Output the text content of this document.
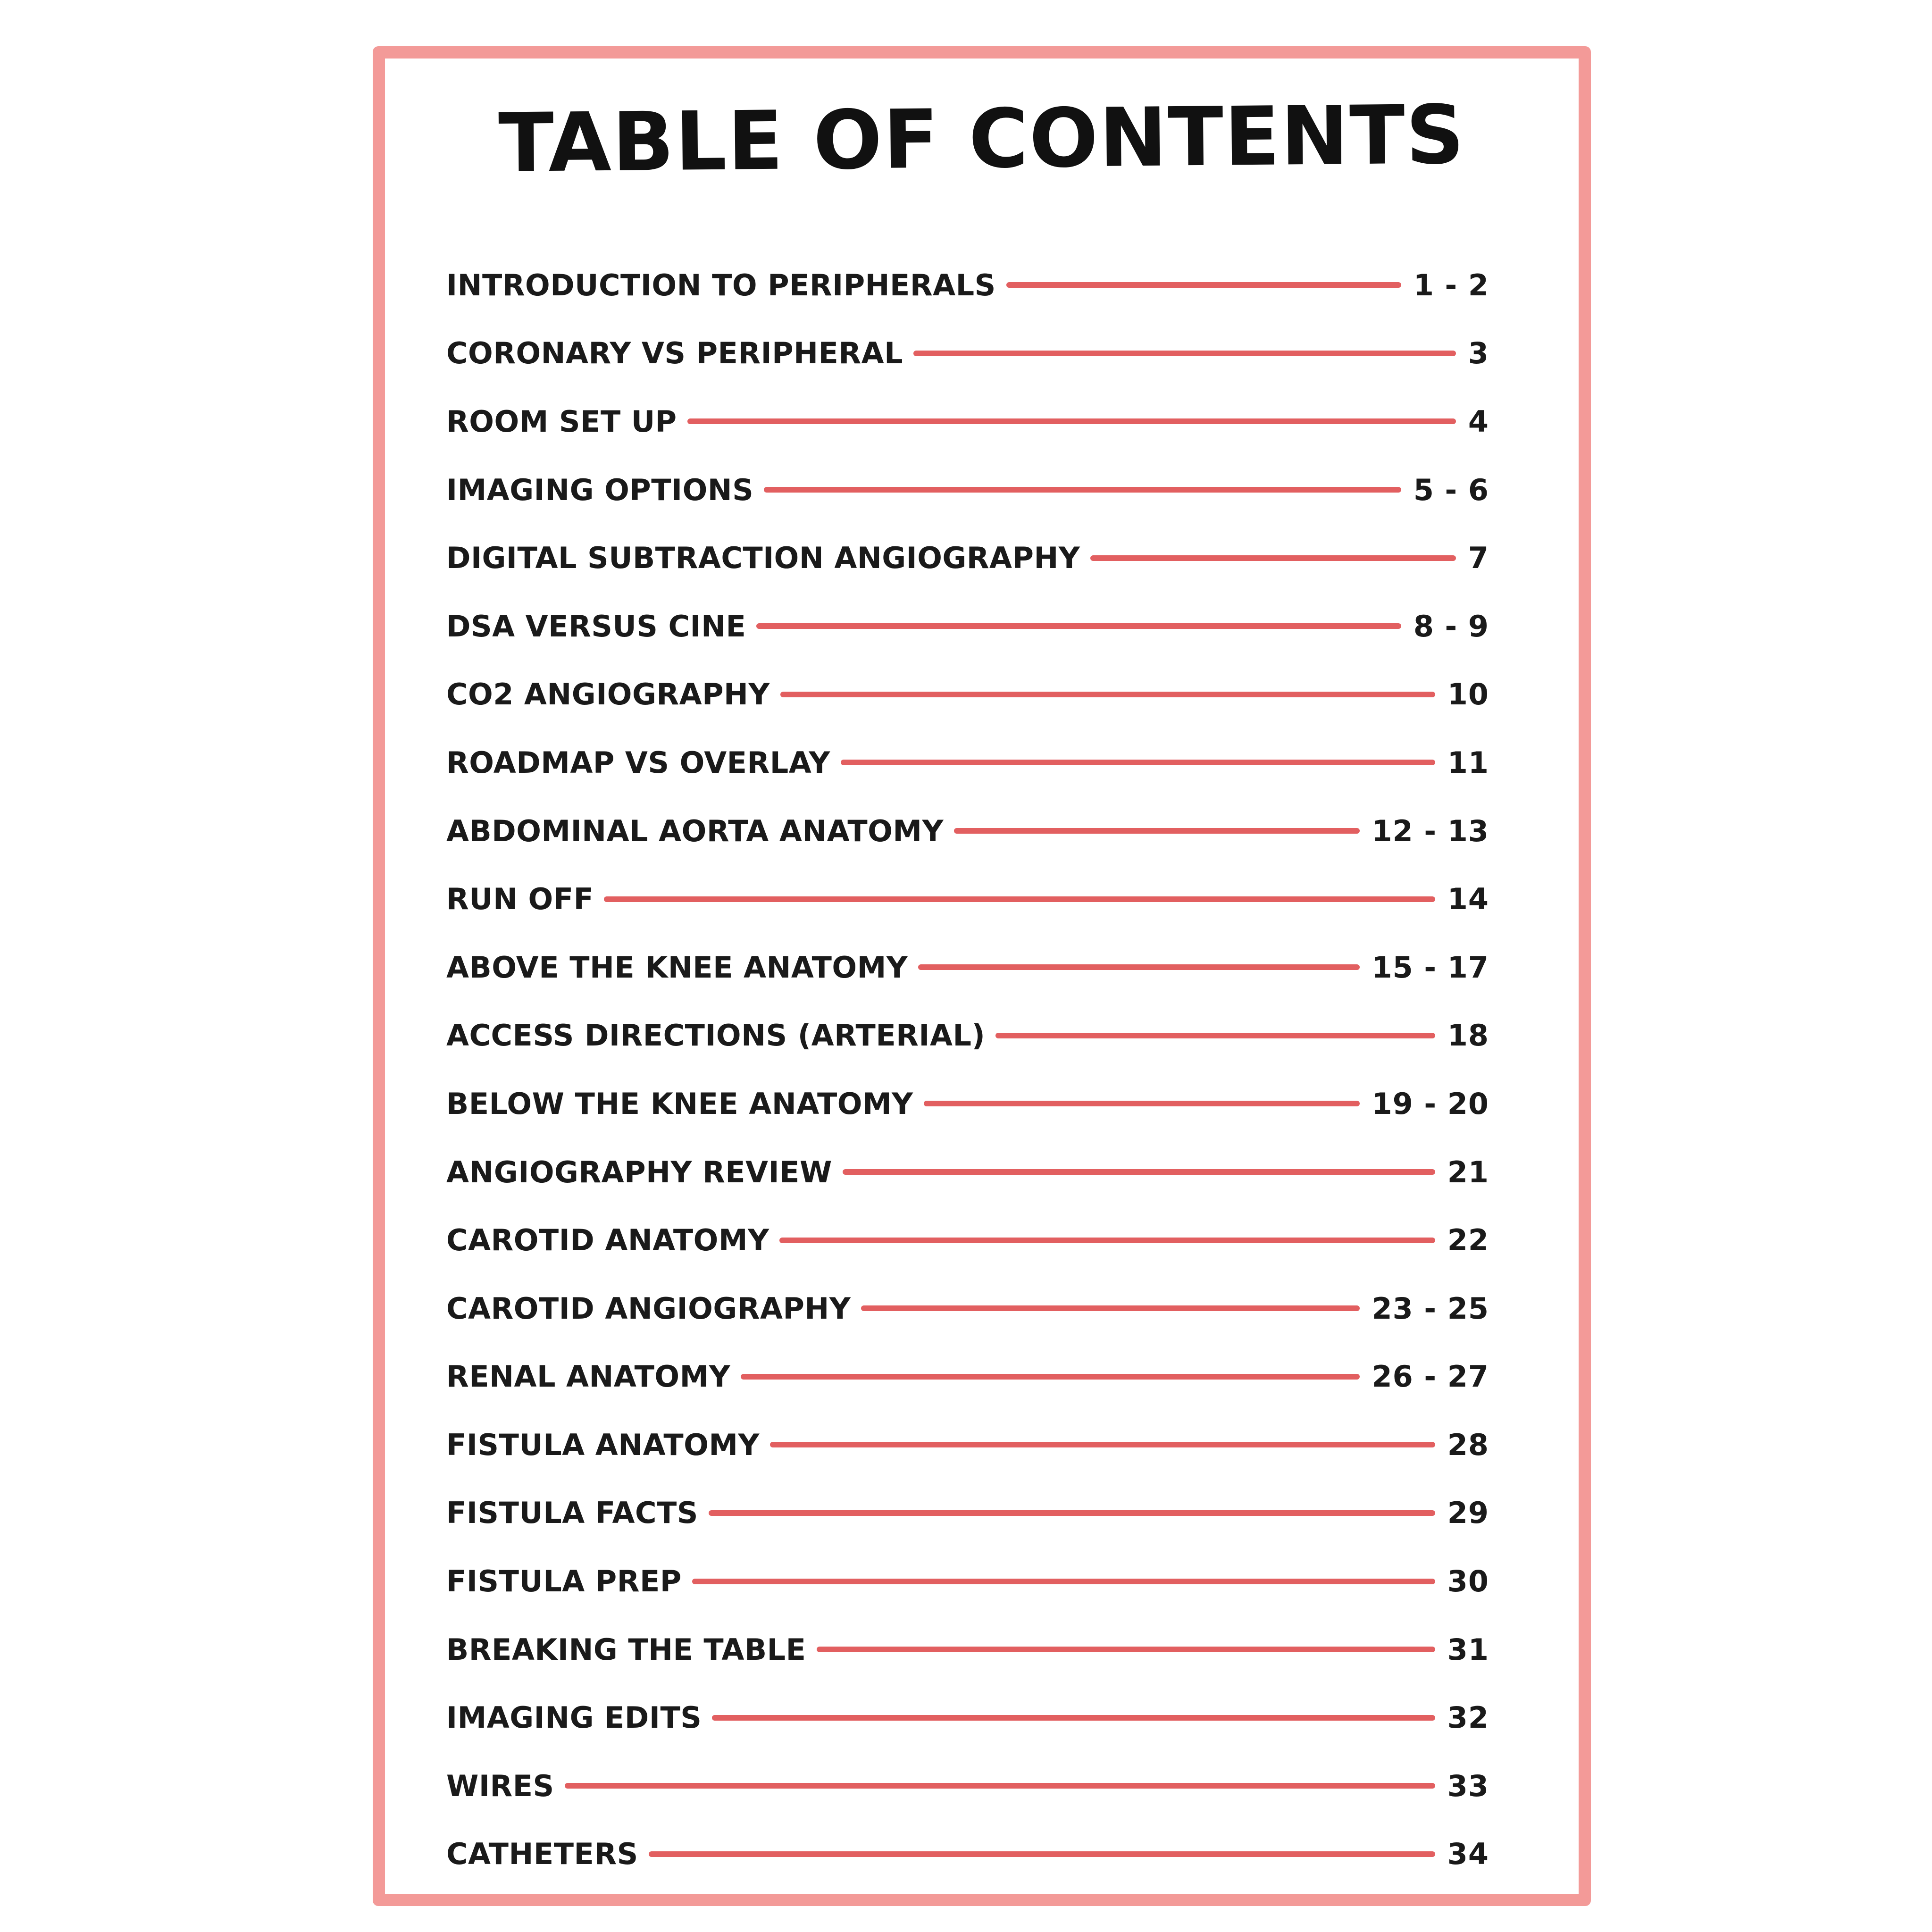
TABLE OF CONTENTS
INTRODUCTION TO PERIPHERALS	1 - 2
CORONARY VS PERIPHERAL	3
ROOM SET UP	4
IMAGING OPTIONS	5 - 6
DIGITAL SUBTRACTION ANGIOGRAPHY	7
DSA VERSUS CINE	8 - 9
CO2 ANGIOGRAPHY	10
ROADMAP VS OVERLAY	11
ABDOMINAL AORTA ANATOMY	12 - 13
RUN OFF	14
ABOVE THE KNEE ANATOMY	15 - 17
ACCESS DIRECTIONS (ARTERIAL)	18
BELOW THE KNEE ANATOMY	19 - 20
ANGIOGRAPHY REVIEW	21
CAROTID ANATOMY	22
CAROTID ANGIOGRAPHY	23 - 25
RENAL ANATOMY	26 - 27
FISTULA ANATOMY	28
FISTULA FACTS	29
FISTULA PREP	30
BREAKING THE TABLE	31
IMAGING EDITS	32
WIRES	33
CATHETERS	34
